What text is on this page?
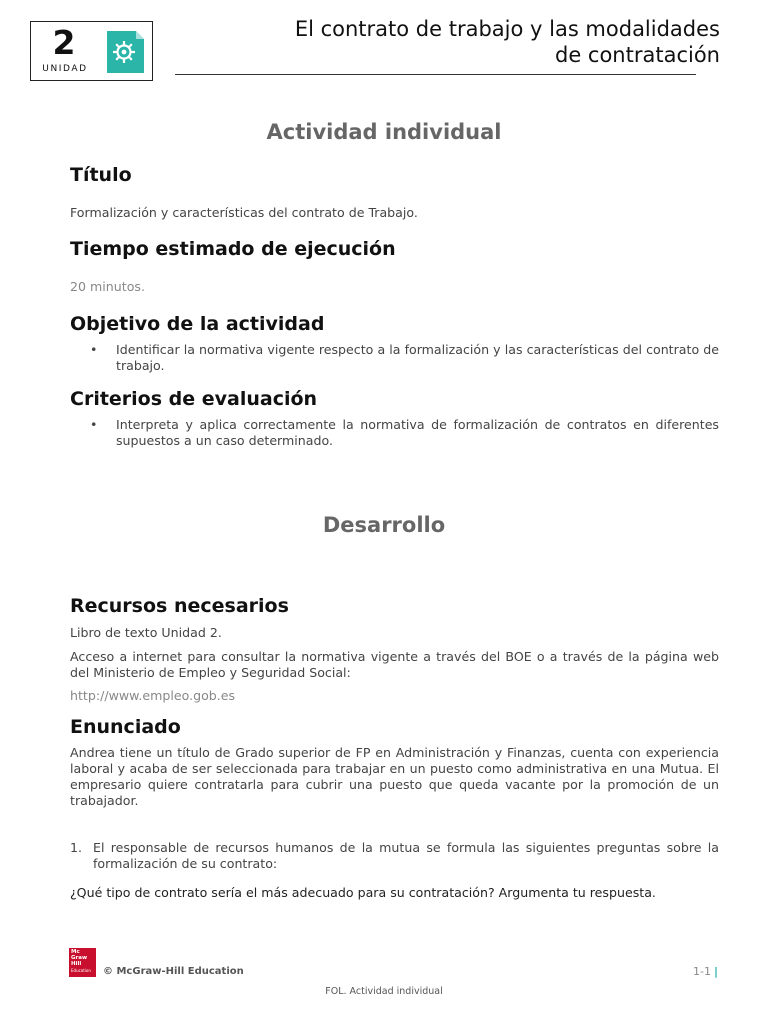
2
UNIDAD
El contrato de trabajo y las modalidades
de contratación
Actividad individual
Título

Formalización y características del contrato de Trabajo.

Tiempo estimado de ejecución

20 minutos.

Objetivo de la actividad
• Identificar la normativa vigente respecto a la formalización y las características del contrato de trabajo.
Criterios de evaluación
• Interpreta y aplica correctamente la normativa de formalización de contratos en diferentes supuestos a un caso determinado.
Desarrollo
Recursos necesarios

Libro de texto Unidad 2.

Acceso a internet para consultar la normativa vigente a través del BOE o a través de la página web del Ministerio de Empleo y Seguridad Social:

http://www.empleo.gob.es

Enunciado

Andrea tiene un título de Grado superior de FP en Administración y Finanzas, cuenta con experiencia laboral y acaba de ser seleccionada para trabajar en un puesto como administrativa en una Mutua. El empresario quiere contratarla para cubrir una puesto que queda vacante por la promoción de un trabajador.

1. El responsable de recursos humanos de la mutua se formula las siguientes preguntas sobre la formalización de su contrato:

¿Qué tipo de contrato sería el más adecuado para su contratación? Argumenta tu respuesta.

Mc
Graw
Hill
Education © McGraw-Hill Education	1-1 |
FOL. Actividad individual
